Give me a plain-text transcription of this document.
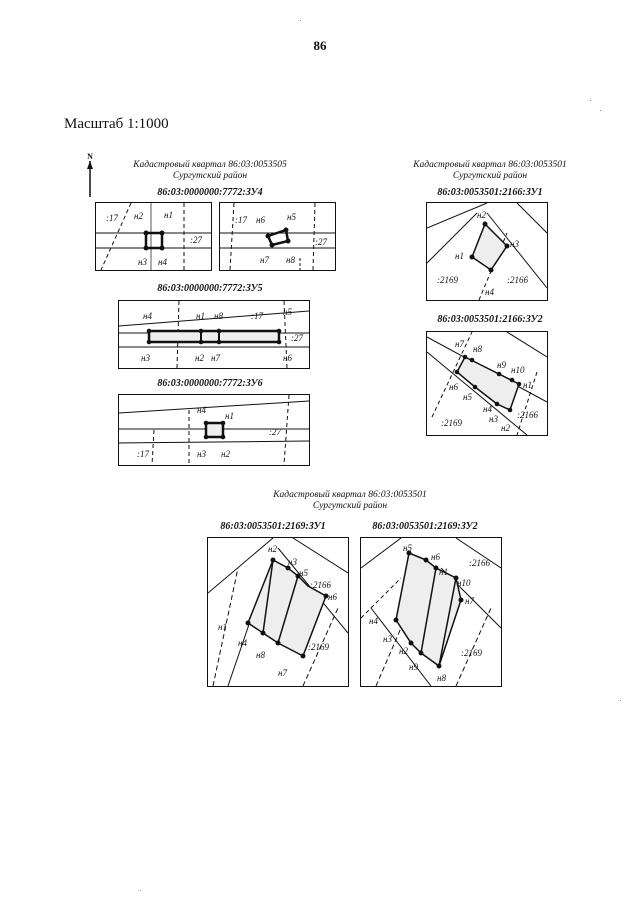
86
Масштаб 1:1000
N
Кадастровый квартал 86:03:0053505
Сургутский район
86:03:0000000:7772:ЗУ4
:17 н2 н1
:27
н3 н4
:17 н6 н5
:27
н7 н8
86:03:0000000:7772:ЗУ5
н4	н1 н8	:17 н5
:27
н3	н2 н7	н6
86:03:0000000:7772:ЗУ6
н4
н1
:27
:17	н3 н2
Кадастровый квартал 86:03:0053501
Сургутский район
86:03:0053501:2166:ЗУ1
н2
н3
н1
:2169	:2166
н4
86:03:0053501:2166:ЗУ2
н7 н8
н9 н10
н6	н1
н5
н4
н3 :2166
:2169	н2
Кадастровый квартал 86:03:0053501
Сургутский район
86:03:0053501:2169:ЗУ1	86:03:0053501:2169:ЗУ2
н2
н3
н5
:2166
н6
н1
н4
н8
:2169
н7
н5
н6
:2166
н1
н10
н7
н4
н3
н2
н9
:2169
н8
